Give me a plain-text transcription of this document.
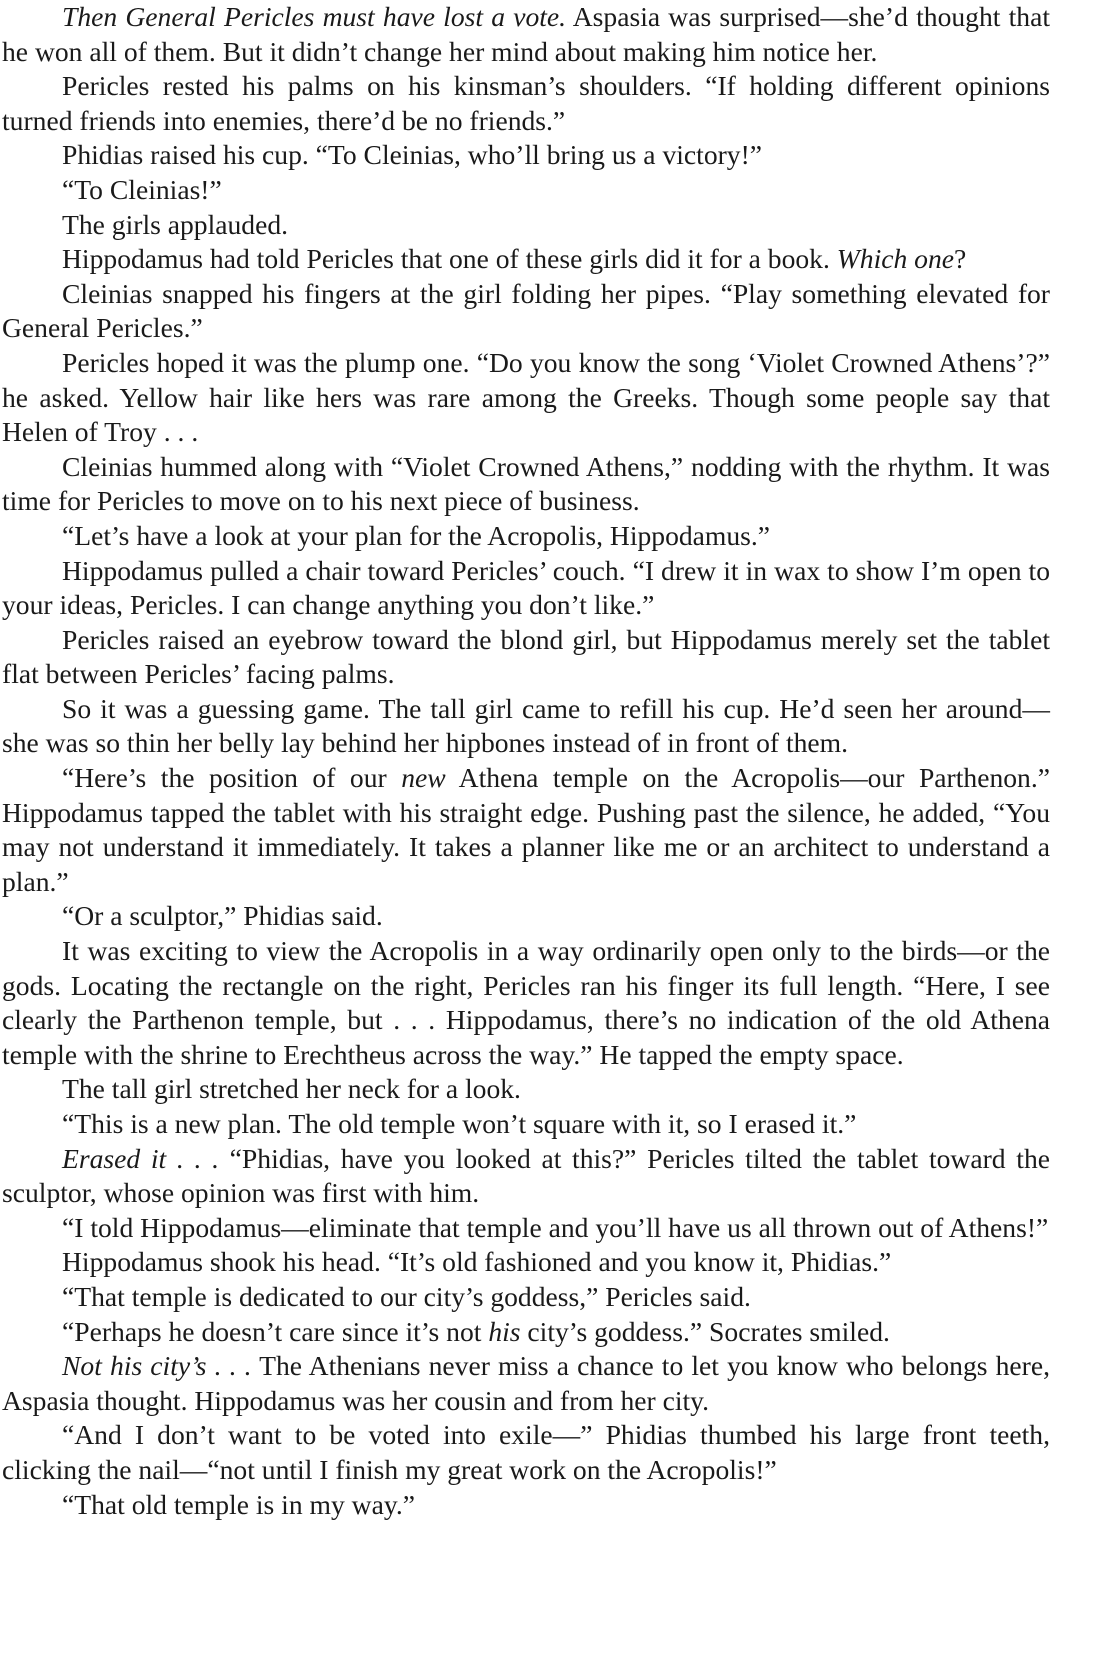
Then General Pericles must have lost a vote. Aspasia was surprised—she’d thought that he won all of them. But it didn’t change her mind about making him notice her.

Pericles rested his palms on his kinsman’s shoulders. “If holding different opinions turned friends into enemies, there’d be no friends.”

Phidias raised his cup. “To Cleinias, who’ll bring us a victory!”

“To Cleinias!”

The girls applauded.

Hippodamus had told Pericles that one of these girls did it for a book. Which one?

Cleinias snapped his fingers at the girl folding her pipes. “Play something elevated for General Pericles.”

Pericles hoped it was the plump one. “Do you know the song ‘Violet Crowned Athens’?” he asked. Yellow hair like hers was rare among the Greeks. Though some people say that Helen of Troy . . .

Cleinias hummed along with “Violet Crowned Athens,” nodding with the rhythm. It was time for Pericles to move on to his next piece of business.

“Let’s have a look at your plan for the Acropolis, Hippodamus.”

Hippodamus pulled a chair toward Pericles’ couch. “I drew it in wax to show I’m open to your ideas, Pericles. I can change anything you don’t like.”

Pericles raised an eyebrow toward the blond girl, but Hippodamus merely set the tablet flat between Pericles’ facing palms.

So it was a guessing game. The tall girl came to refill his cup. He’d seen her around—she was so thin her belly lay behind her hipbones instead of in front of them.

“Here’s the position of our new Athena temple on the Acropolis—our Parthenon.” Hippodamus tapped the tablet with his straight edge. Pushing past the silence, he added, “You may not understand it immediately. It takes a planner like me or an architect to understand a plan.”

“Or a sculptor,” Phidias said.

It was exciting to view the Acropolis in a way ordinarily open only to the birds—or the gods. Locating the rectangle on the right, Pericles ran his finger its full length. “Here, I see clearly the Parthenon temple, but . . . Hippodamus, there’s no indication of the old Athena temple with the shrine to Erechtheus across the way.” He tapped the empty space.

The tall girl stretched her neck for a look.

“This is a new plan. The old temple won’t square with it, so I erased it.”

Erased it . . . “Phidias, have you looked at this?” Pericles tilted the tablet toward the sculptor, whose opinion was first with him.

“I told Hippodamus—eliminate that temple and you’ll have us all thrown out of Athens!”

Hippodamus shook his head. “It’s old fashioned and you know it, Phidias.”

“That temple is dedicated to our city’s goddess,” Pericles said.

“Perhaps he doesn’t care since it’s not his city’s goddess.” Socrates smiled.

Not his city’s . . . The Athenians never miss a chance to let you know who belongs here, Aspasia thought. Hippodamus was her cousin and from her city.

“And I don’t want to be voted into exile—” Phidias thumbed his large front teeth, clicking the nail—“not until I finish my great work on the Acropolis!”

“That old temple is in my way.”
